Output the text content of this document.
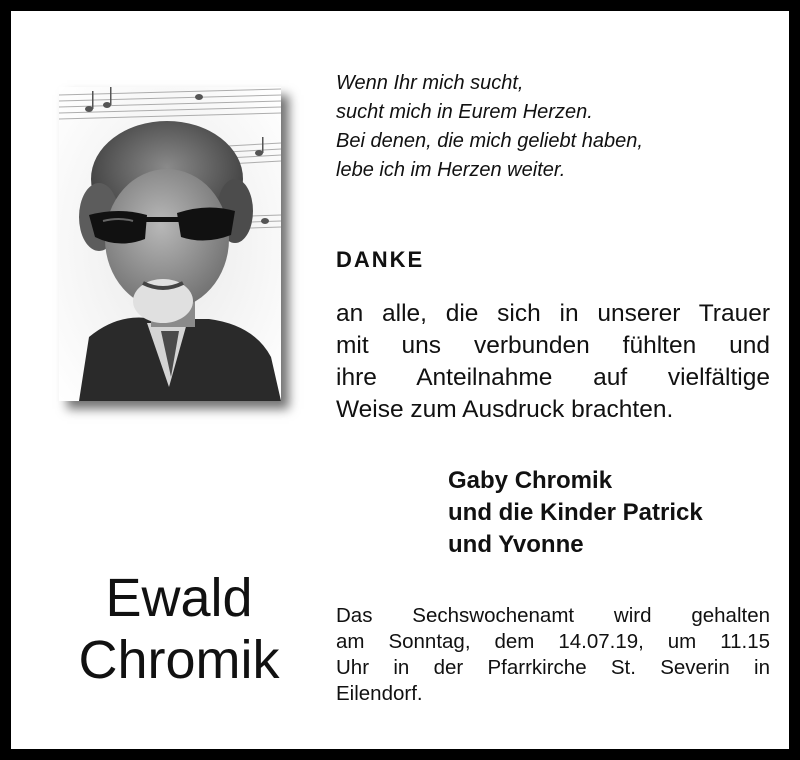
Wenn Ihr mich sucht,
sucht mich in Eurem Herzen.
Bei denen, die mich geliebt haben,
lebe ich im Herzen weiter.
DANKE
an alle, die sich in unserer Trauer
mit uns verbunden fühlten und
ihre Anteilnahme auf vielfältige
Weise zum Ausdruck brachten.
Gaby Chromik
und die Kinder Patrick
und Yvonne
Ewald
Chromik
Das Sechswochenamt wird gehalten
am Sonntag, dem 14.07.19, um 11.15
Uhr in der Pfarrkirche St. Severin in
Eilendorf.
